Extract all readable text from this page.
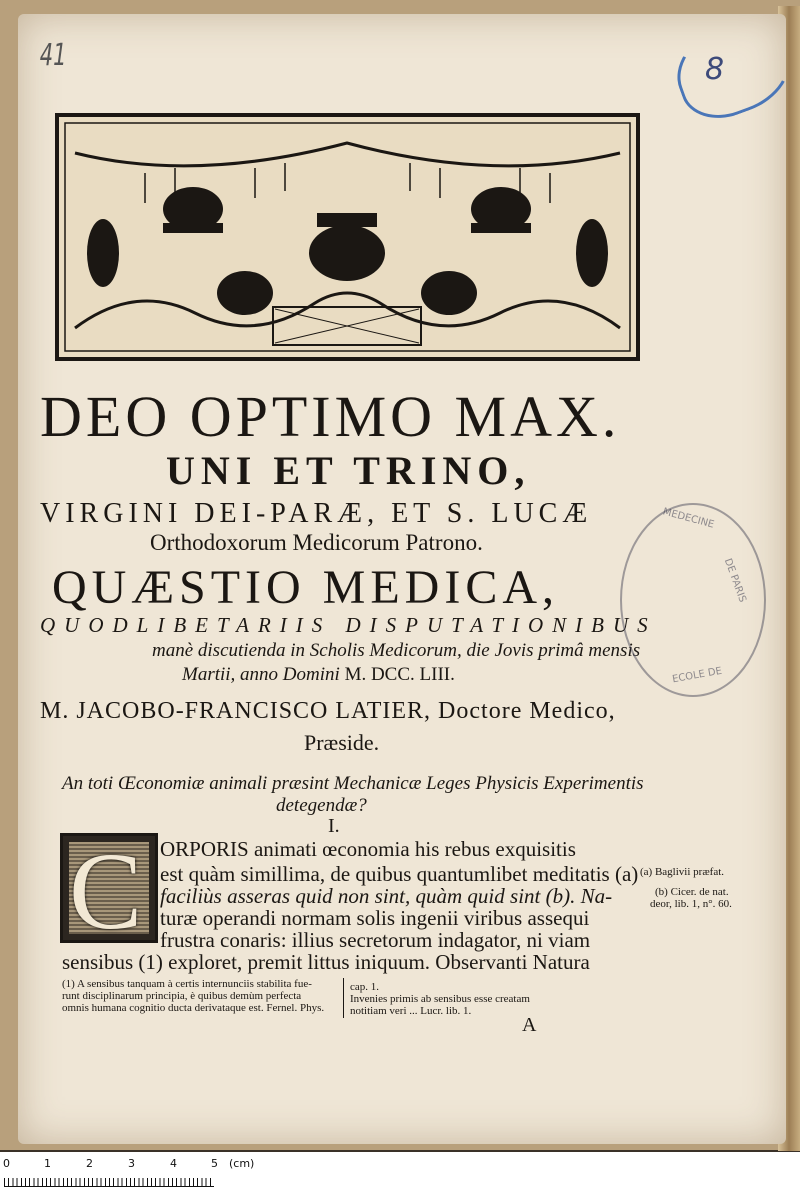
41	8
DEO OPTIMO MAX.
UNI ET TRINO,
VIRGINI DEI-PARÆ, ET S. LUCÆ
Orthodoxorum Medicorum Patrono.
QUÆSTIO MEDICA,
QUODLIBETARIIS DISPUTATIONIBUS
manè discutienda in Scholis Medicorum, die Jovis primâ mensis
Martii, anno Domini M. DCC. LIII.
M. JACOBO-FRANCISCO LATIER, Doctore Medico,
Præside.
An toti Œconomiæ animali præsint Mechanicæ Leges Physicis Experimentis
detegendæ?
I.
C ORPORIS animati œconomia his rebus exquisitis
est quàm simillima, de quibus quantumlibet meditatis (a)
faciliùs asseras quid non sint, quàm quid sint (b). Na-
turæ operandi normam solis ingenii viribus assequi
frustra conaris: illius secretorum indagator, ni viam
sensibus (1) exploret, premit littus iniquum. Observanti Natura
(a) Baglivii præfat.
(b) Cicer. de nat.
deor, lib. 1, n°. 60.
(1) A sensibus tanquam à certis internunciis stabilita fue-
runt disciplinarum principia, è quibus demùm perfecta
omnis humana cognitio ducta derivataque est. Fernel. Phys.
cap. 1.
Invenies primis ab sensibus esse creatam
notitiam veri ... Lucr. lib. 1.
A
MEDECINE
DE PARIS
ECOLE DE
0	1	2	3	4	5 (cm)
